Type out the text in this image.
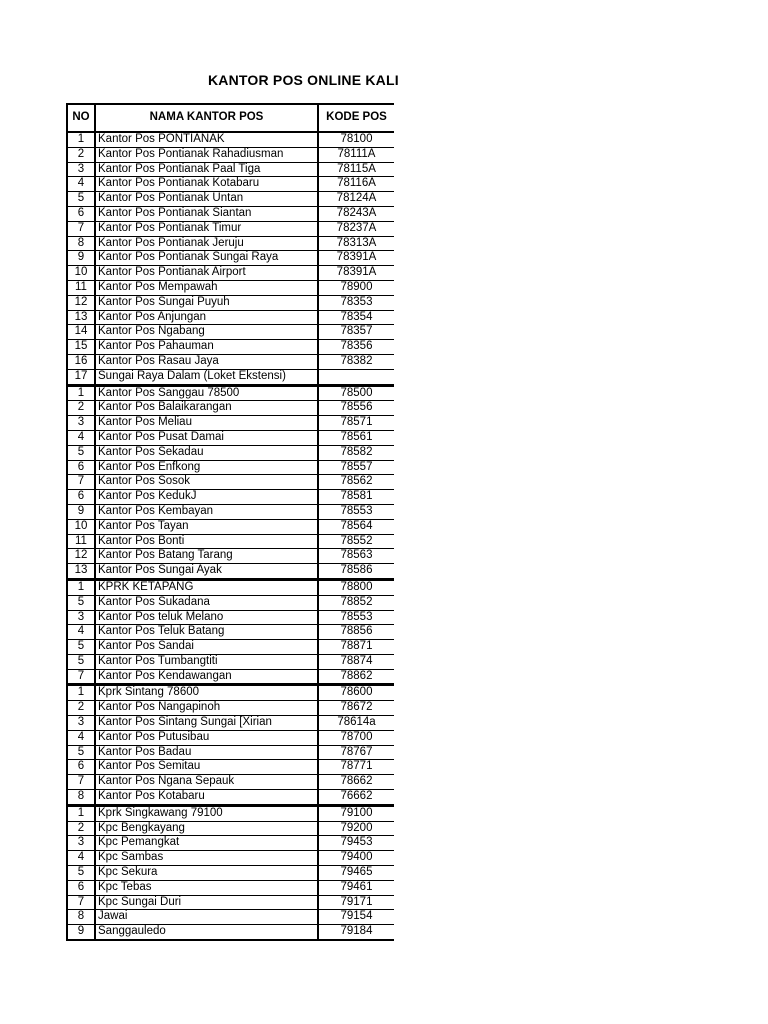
KANTOR POS ONLINE KALI
NO	NAMA KANTOR POS	KODE POS
1	Kantor Pos PONTIANAK	78100
2	Kantor Pos Pontianak Rahadiusman	78111A
3	Kantor Pos Pontianak Paal Tiga	78115A
4	Kantor Pos Pontianak Kotabaru	78116A
5	Kantor Pos Pontianak Untan	78124A
6	Kantor Pos Pontianak Siantan	78243A
7	Kantor Pos Pontianak Timur	78237A
8	Kantor Pos Pontianak Jeruju	78313A
9	Kantor Pos Pontianak Sungai Raya	78391A
10	Kantor Pos Pontianak Airport	78391A
11	Kantor Pos Mempawah	78900
12	Kantor Pos Sungai Puyuh	78353
13	Kantor Pos Anjungan	78354
14	Kantor Pos Ngabang	78357
15	Kantor Pos Pahauman	78356
16	Kantor Pos Rasau Jaya	78382
17	Sungai Raya Dalam (Loket Ekstensi)	
1	Kantor Pos Sanggau 78500	78500
2	Kantor Pos Balaikarangan	78556
3	Kantor Pos Meliau	78571
4	Kantor Pos Pusat Damai	78561
5	Kantor Pos Sekadau	78582
6	Kantor Pos Enfkong	78557
7	Kantor Pos Sosok	78562
6	Kantor Pos KedukJ	78581
9	Kantor Pos Kembayan	78553
10	Kantor Pos Tayan	78564
11	Kantor Pos Bonti	78552
12	Kantor Pos Batang Tarang	78563
13	Kantor Pos Sungai Ayak	78586
1	KPRK KETAPANG	78800
5	Kantor Pos Sukadana	78852
3	Kantor Pos teluk Melano	78553
4	Kantor Pos Teluk Batang	78856
5	Kantor Pos Sandai	78871
5	Kantor Pos Tumbangtiti	78874
7	Kantor Pos Kendawangan	78862
1	Kprk Sintang 78600	78600
2	Kantor Pos Nangapinoh	78672
3	Kantor Pos Sintang Sungai [Xirian	78614a
4	Kantor Pos Putusibau	78700
5	Kantor Pos Badau	78767
6	Kantor Pos Semitau	78771
7	Kantor Pos Ngana Sepauk	78662
8	Kantor Pos Kotabaru	76662
1	Kprk Singkawang 79100	79100
2	Kpc Bengkayang	79200
3	Kpc Pemangkat	79453
4	Kpc Sambas	79400
5	Kpc Sekura	79465
6	Kpc Tebas	79461
7	Kpc Sungai Duri	79171
8	Jawai	79154
9	Sanggauledo	79184
